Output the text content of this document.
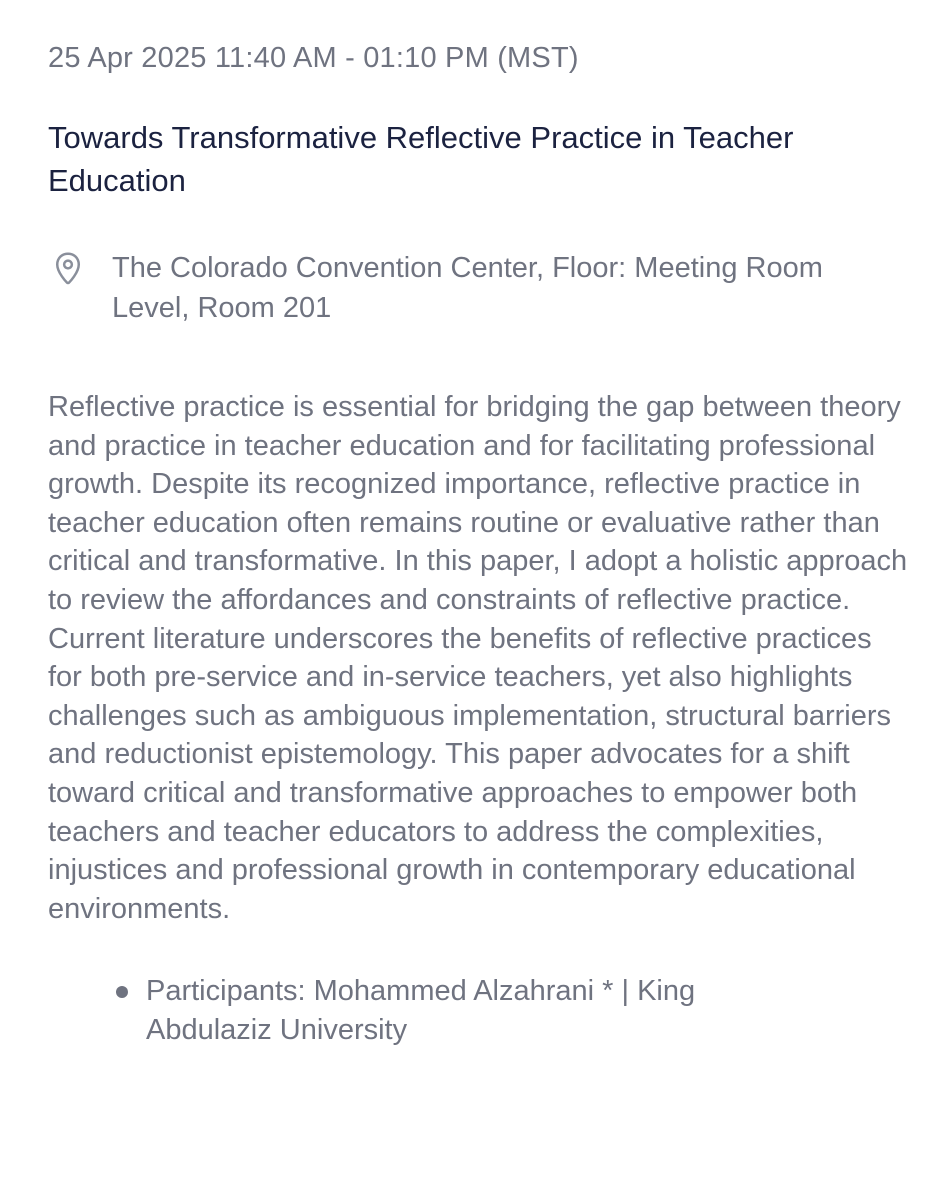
25 Apr 2025 11:40 AM - 01:10 PM (MST)

Towards Transformative Reflective Practice in Teacher Education
The Colorado Convention Center, Floor: Meeting Room Level, Room 201

Reflective practice is essential for bridging the gap between theory and practice in teacher education and for facilitating professional growth. Despite its recognized importance, reflective practice in teacher education often remains routine or evaluative rather than critical and transformative. In this paper, I adopt a holistic approach to review the affordances and constraints of reflective practice. Current literature underscores the benefits of reflective practices for both pre-service and in-service teachers, yet also highlights challenges such as ambiguous implementation, structural barriers and reductionist epistemology. This paper advocates for a shift toward critical and transformative approaches to empower both teachers and teacher educators to address the complexities, injustices and professional growth in contemporary educational environments.

Participants: Mohammed Alzahrani * | King Abdulaziz University
